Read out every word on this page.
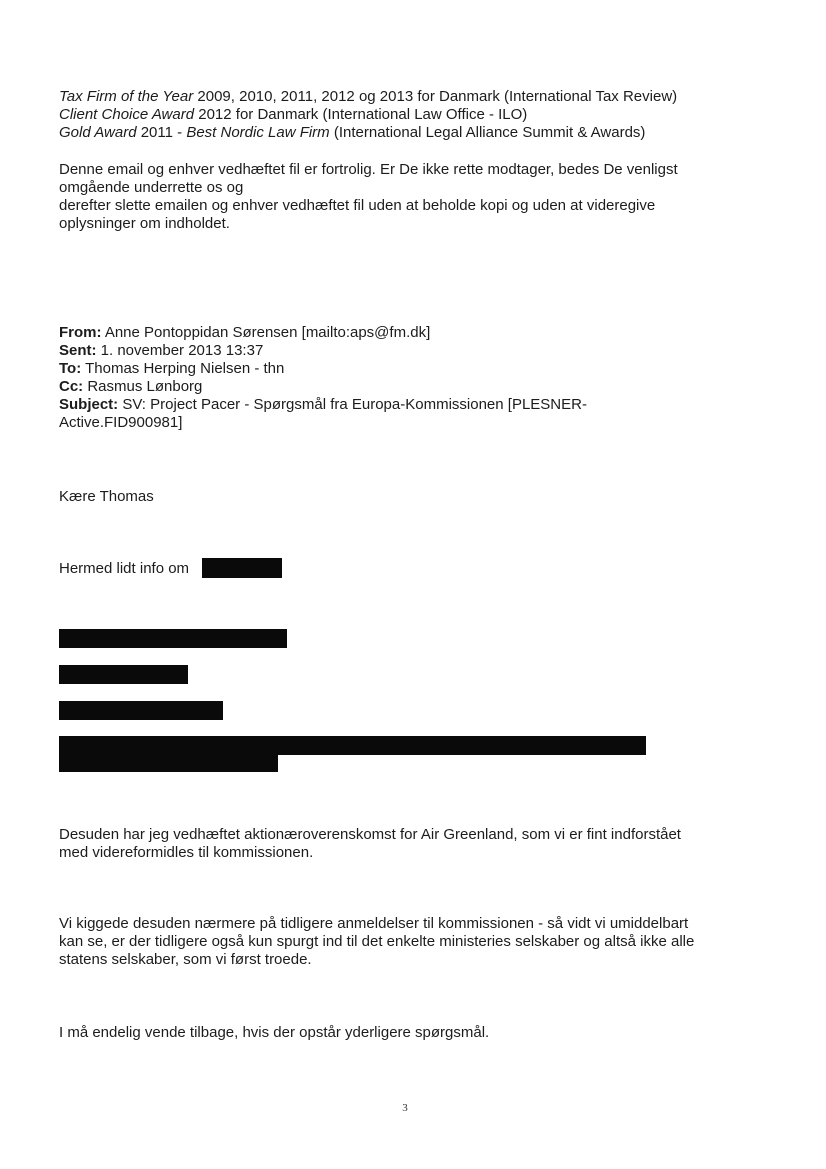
Tax Firm of the Year 2009, 2010, 2011, 2012 og 2013 for Danmark (International Tax Review)
Client Choice Award 2012 for Danmark (International Law Office - ILO)
Gold Award 2011 - Best Nordic Law Firm (International Legal Alliance Summit & Awards)
Denne email og enhver vedhæftet fil er fortrolig. Er De ikke rette modtager, bedes De venligst
omgående underrette os og
derefter slette emailen og enhver vedhæftet fil uden at beholde kopi og uden at videregive
oplysninger om indholdet.
From: Anne Pontoppidan Sørensen [mailto:aps@fm.dk]
Sent: 1. november 2013 13:37
To: Thomas Herping Nielsen - thn
Cc: Rasmus Lønborg
Subject: SV: Project Pacer - Spørgsmål fra Europa-Kommissionen [PLESNER-
Active.FID900981]
Kære Thomas
Hermed lidt info om
Desuden har jeg vedhæftet aktionæroverenskomst for Air Greenland, som vi er fint indforstået
med videreformidles til kommissionen.
Vi kiggede desuden nærmere på tidligere anmeldelser til kommissionen - så vidt vi umiddelbart
kan se, er der tidligere også kun spurgt ind til det enkelte ministeries selskaber og altså ikke alle
statens selskaber, som vi først troede.
I må endelig vende tilbage, hvis der opstår yderligere spørgsmål.
3
